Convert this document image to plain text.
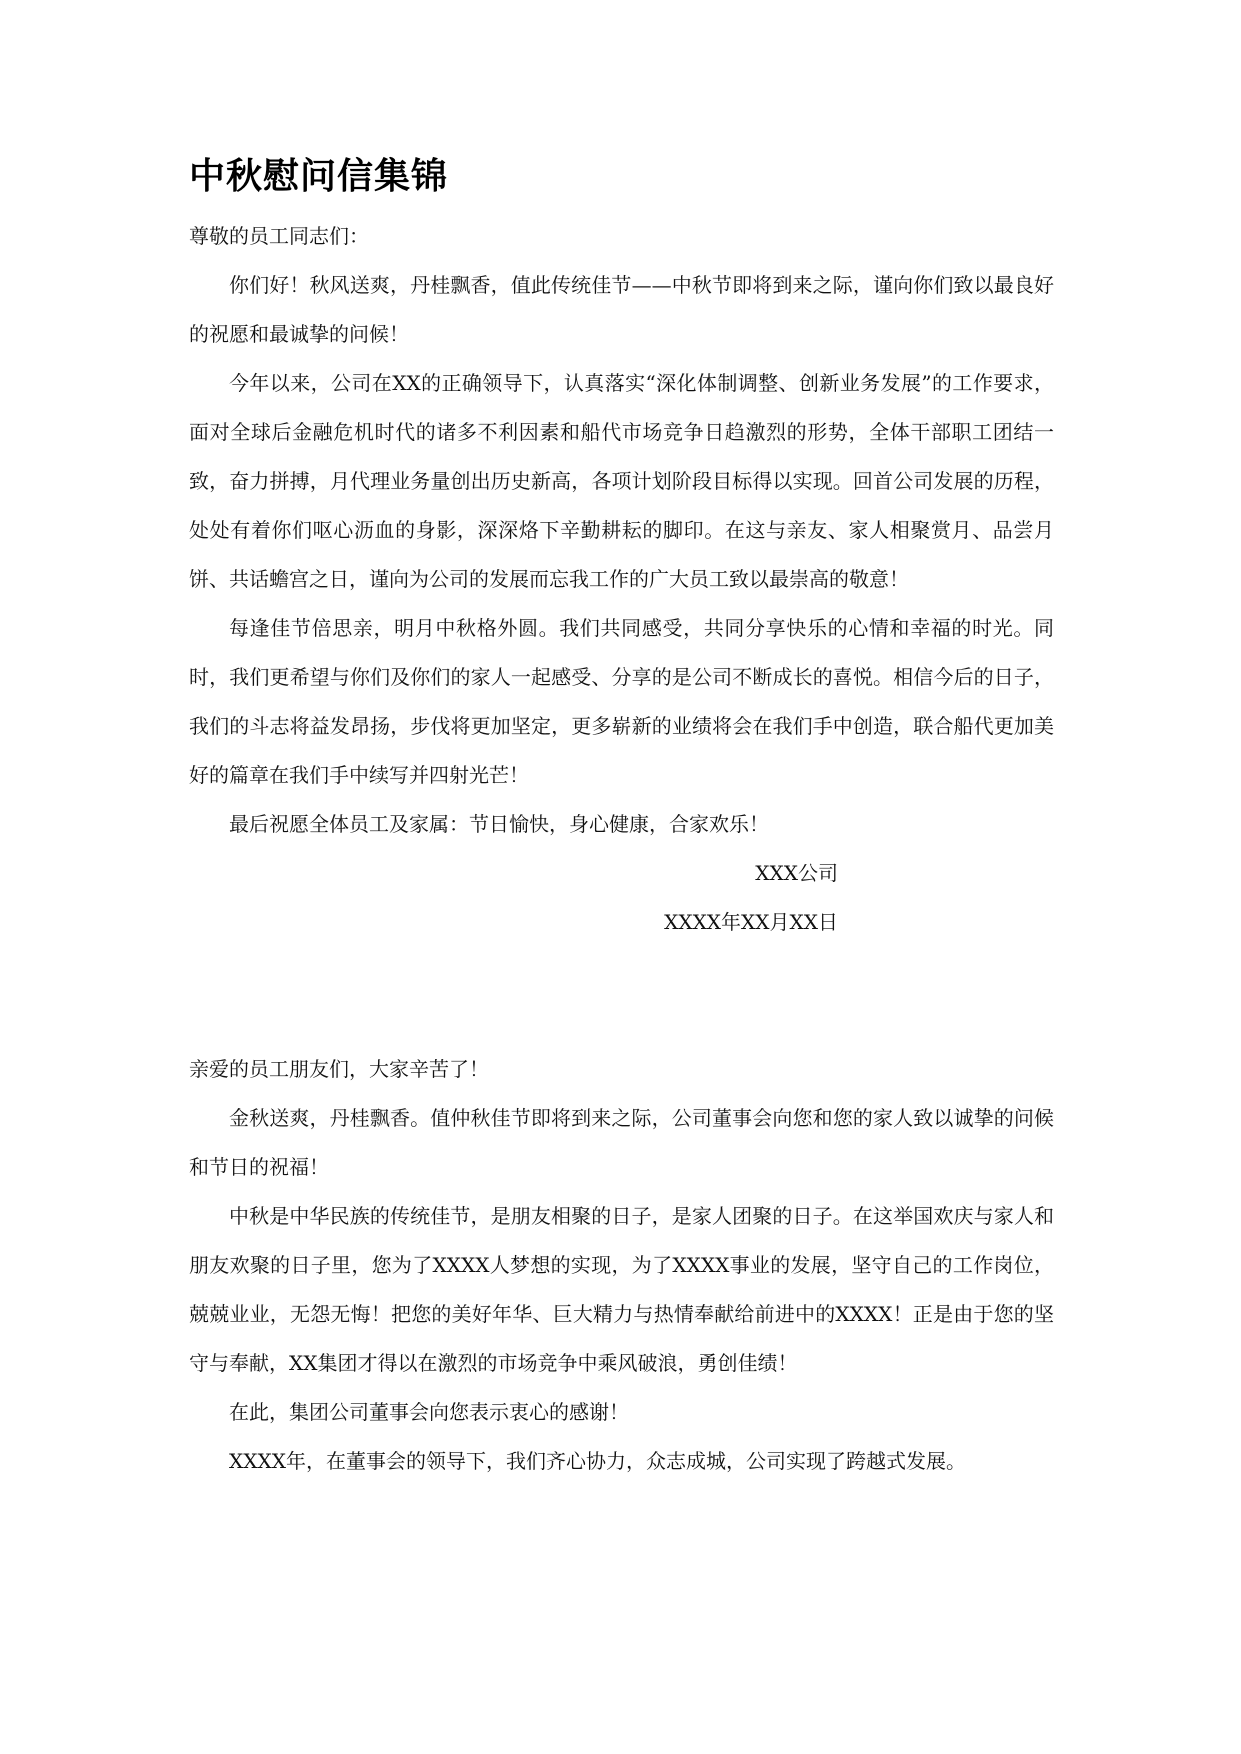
中秋慰问信集锦

尊敬的员工同志们：

你们好！秋风送爽，丹桂飘香，值此传统佳节——中秋节即将到来之际，谨向你们致以最良好的祝愿和最诚挚的问候！

今年以来，公司在XX的正确领导下，认真落实“深化体制调整、创新业务发展”的工作要求，面对全球后金融危机时代的诸多不利因素和船代市场竞争日趋激烈的形势，全体干部职工团结一致，奋力拼搏，月代理业务量创出历史新高，各项计划阶段目标得以实现。回首公司发展的历程，处处有着你们呕心沥血的身影，深深烙下辛勤耕耘的脚印。在这与亲友、家人相聚赏月、品尝月饼、共话蟾宫之日，谨向为公司的发展而忘我工作的广大员工致以最崇高的敬意！

每逢佳节倍思亲，明月中秋格外圆。我们共同感受，共同分享快乐的心情和幸福的时光。同时，我们更希望与你们及你们的家人一起感受、分享的是公司不断成长的喜悦。相信今后的日子，我们的斗志将益发昂扬，步伐将更加坚定，更多崭新的业绩将会在我们手中创造，联合船代更加美好的篇章在我们手中续写并四射光芒！

最后祝愿全体员工及家属：节日愉快，身心健康，合家欢乐！

XXX公司

XXXX年XX月XX日

亲爱的员工朋友们，大家辛苦了！

金秋送爽，丹桂飘香。值仲秋佳节即将到来之际，公司董事会向您和您的家人致以诚挚的问候和节日的祝福！

中秋是中华民族的传统佳节，是朋友相聚的日子，是家人团聚的日子。在这举国欢庆与家人和朋友欢聚的日子里，您为了XXXX人梦想的实现，为了XXXX事业的发展，坚守自己的工作岗位，兢兢业业，无怨无悔！把您的美好年华、巨大精力与热情奉献给前进中的XXXX！正是由于您的坚守与奉献，XX集团才得以在激烈的市场竞争中乘风破浪，勇创佳绩！

在此，集团公司董事会向您表示衷心的感谢！

XXXX年，在董事会的领导下，我们齐心协力，众志成城，公司实现了跨越式发展。
